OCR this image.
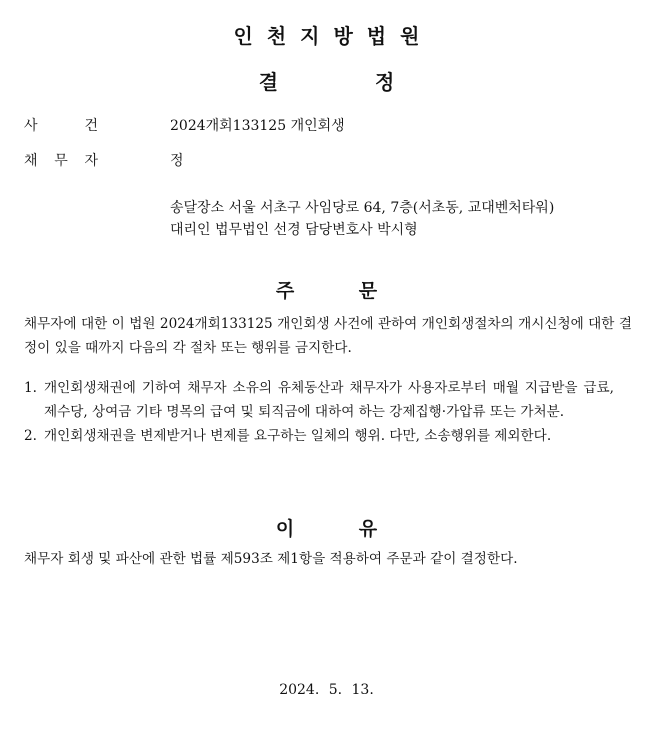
인천지방법원
결 정
사	건	2024개회133125 개인회생
채 무 자	정
송달장소 서울 서초구 사임당로 64, 7층(서초동, 교대벤처타워)
대리인 법무법인 선경 담당변호사 박시형
주 문
채무자에 대한 이 법원 2024개회133125 개인회생 사건에 관하여 개인회생절차의 개시신청에 대한 결정이 있을 때까지 다음의 각 절차 또는 행위를 금지한다.
1. 개인회생채권에 기하여 채무자 소유의 유체동산과 채무자가 사용자로부터 매월 지급받을 급료, 제수당, 상여금 기타 명목의 급여 및 퇴직금에 대하여 하는 강제집행·가압류 또는 가처분.
2. 개인회생채권을 변제받거나 변제를 요구하는 일체의 행위. 다만, 소송행위를 제외한다.
이 유
채무자 회생 및 파산에 관한 법률 제593조 제1항을 적용하여 주문과 같이 결정한다.
2024. 5. 13.
